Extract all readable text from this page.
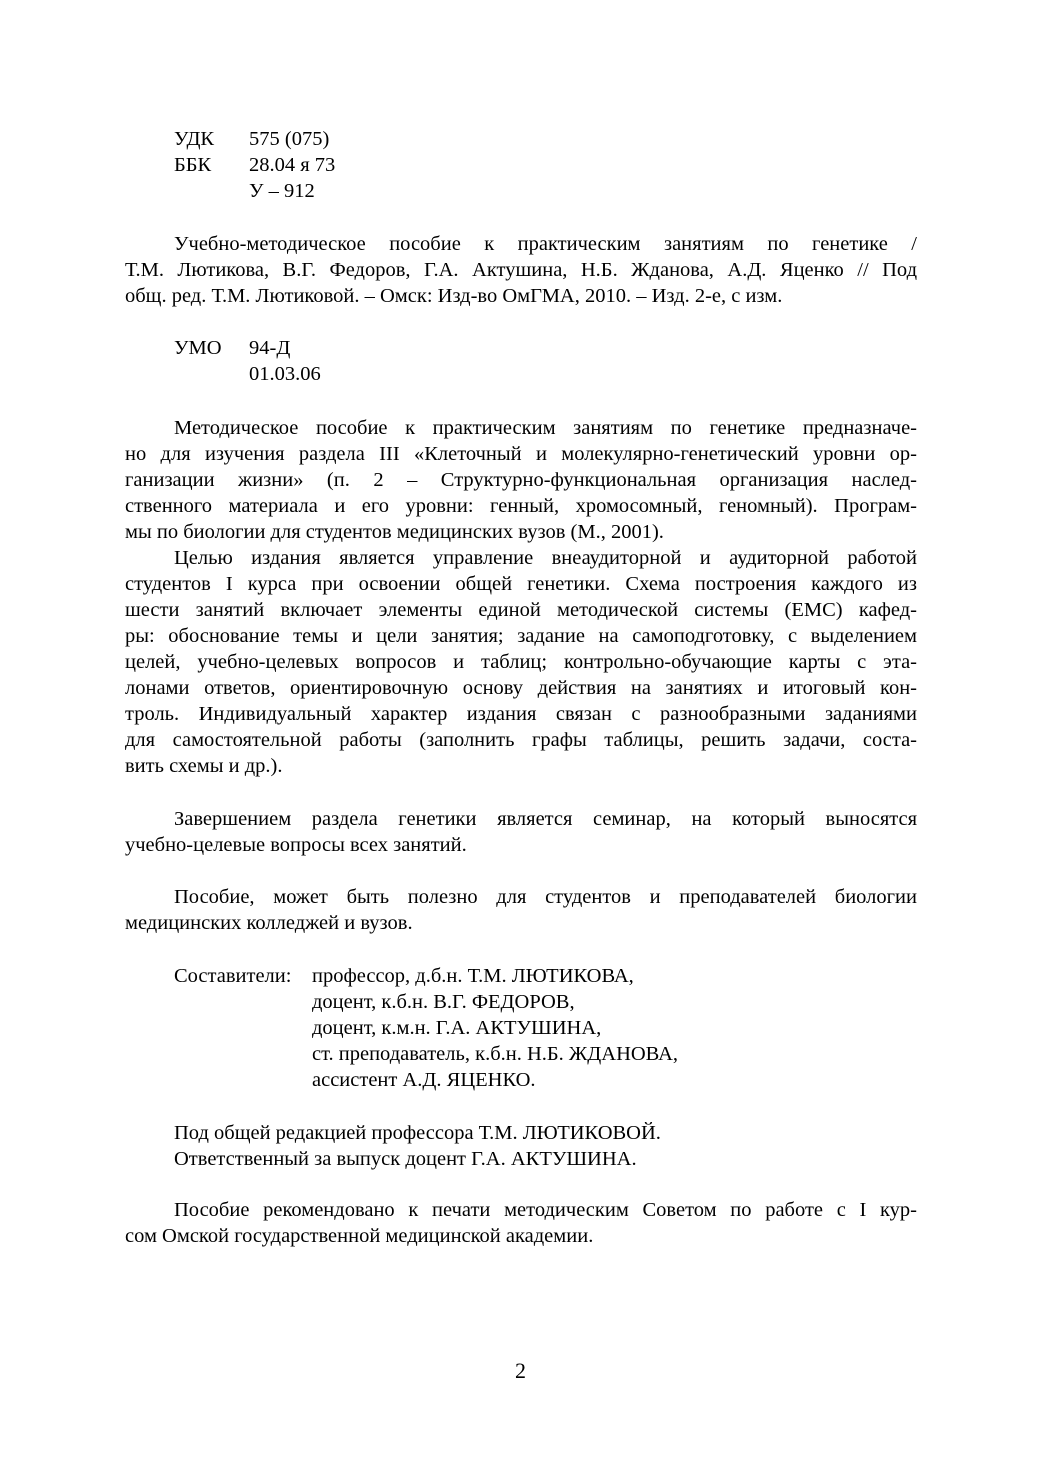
УДК 575 (075)
ББК 28.04 я 73
У – 912
Учебно-методическое пособие к практическим занятиям по генетике /
Т.М. Лютикова, В.Г. Федоров, Г.А. Актушина, Н.Б. Жданова, А.Д. Яценко // Под
общ. ред. Т.М. Лютиковой. – Омск: Изд-во ОмГМА, 2010. – Изд. 2-е, с изм.
УМО 94-Д
01.03.06
Методическое пособие к практическим занятиям по генетике предназначе-
но для изучения раздела III «Клеточный и молекулярно-генетический уровни ор-
ганизации жизни» (п. 2 – Структурно-функциональная организация наслед-
ственного материала и его уровни: генный, хромосомный, геномный). Програм-
мы по биологии для студентов медицинских вузов (М., 2001).
Целью издания является управление внеаудиторной и аудиторной работой
студентов I курса при освоении общей генетики. Схема построения каждого из
шести занятий включает элементы единой методической системы (ЕМС) кафед-
ры: обоснование темы и цели занятия; задание на самоподготовку, с выделением
целей, учебно-целевых вопросов и таблиц; контрольно-обучающие карты с эта-
лонами ответов, ориентировочную основу действия на занятиях и итоговый кон-
троль. Индивидуальный характер издания связан с разнообразными заданиями
для самостоятельной работы (заполнить графы таблицы, решить задачи, соста-
вить схемы и др.).
Завершением раздела генетики является семинар, на который выносятся
учебно-целевые вопросы всех занятий.
Пособие, может быть полезно для студентов и преподавателей биологии
медицинских колледжей и вузов.
Составители: профессор, д.б.н. Т.М. ЛЮТИКОВА,
доцент, к.б.н. В.Г. ФЕДОРОВ,
доцент, к.м.н. Г.А. АКТУШИНА,
ст. преподаватель, к.б.н. Н.Б. ЖДАНОВА,
ассистент А.Д. ЯЦЕНКО.
Под общей редакцией профессора Т.М. ЛЮТИКОВОЙ.
Ответственный за выпуск доцент Г.А. АКТУШИНА.
Пособие рекомендовано к печати методическим Советом по работе с I кур-
сом Омской государственной медицинской академии.
2
